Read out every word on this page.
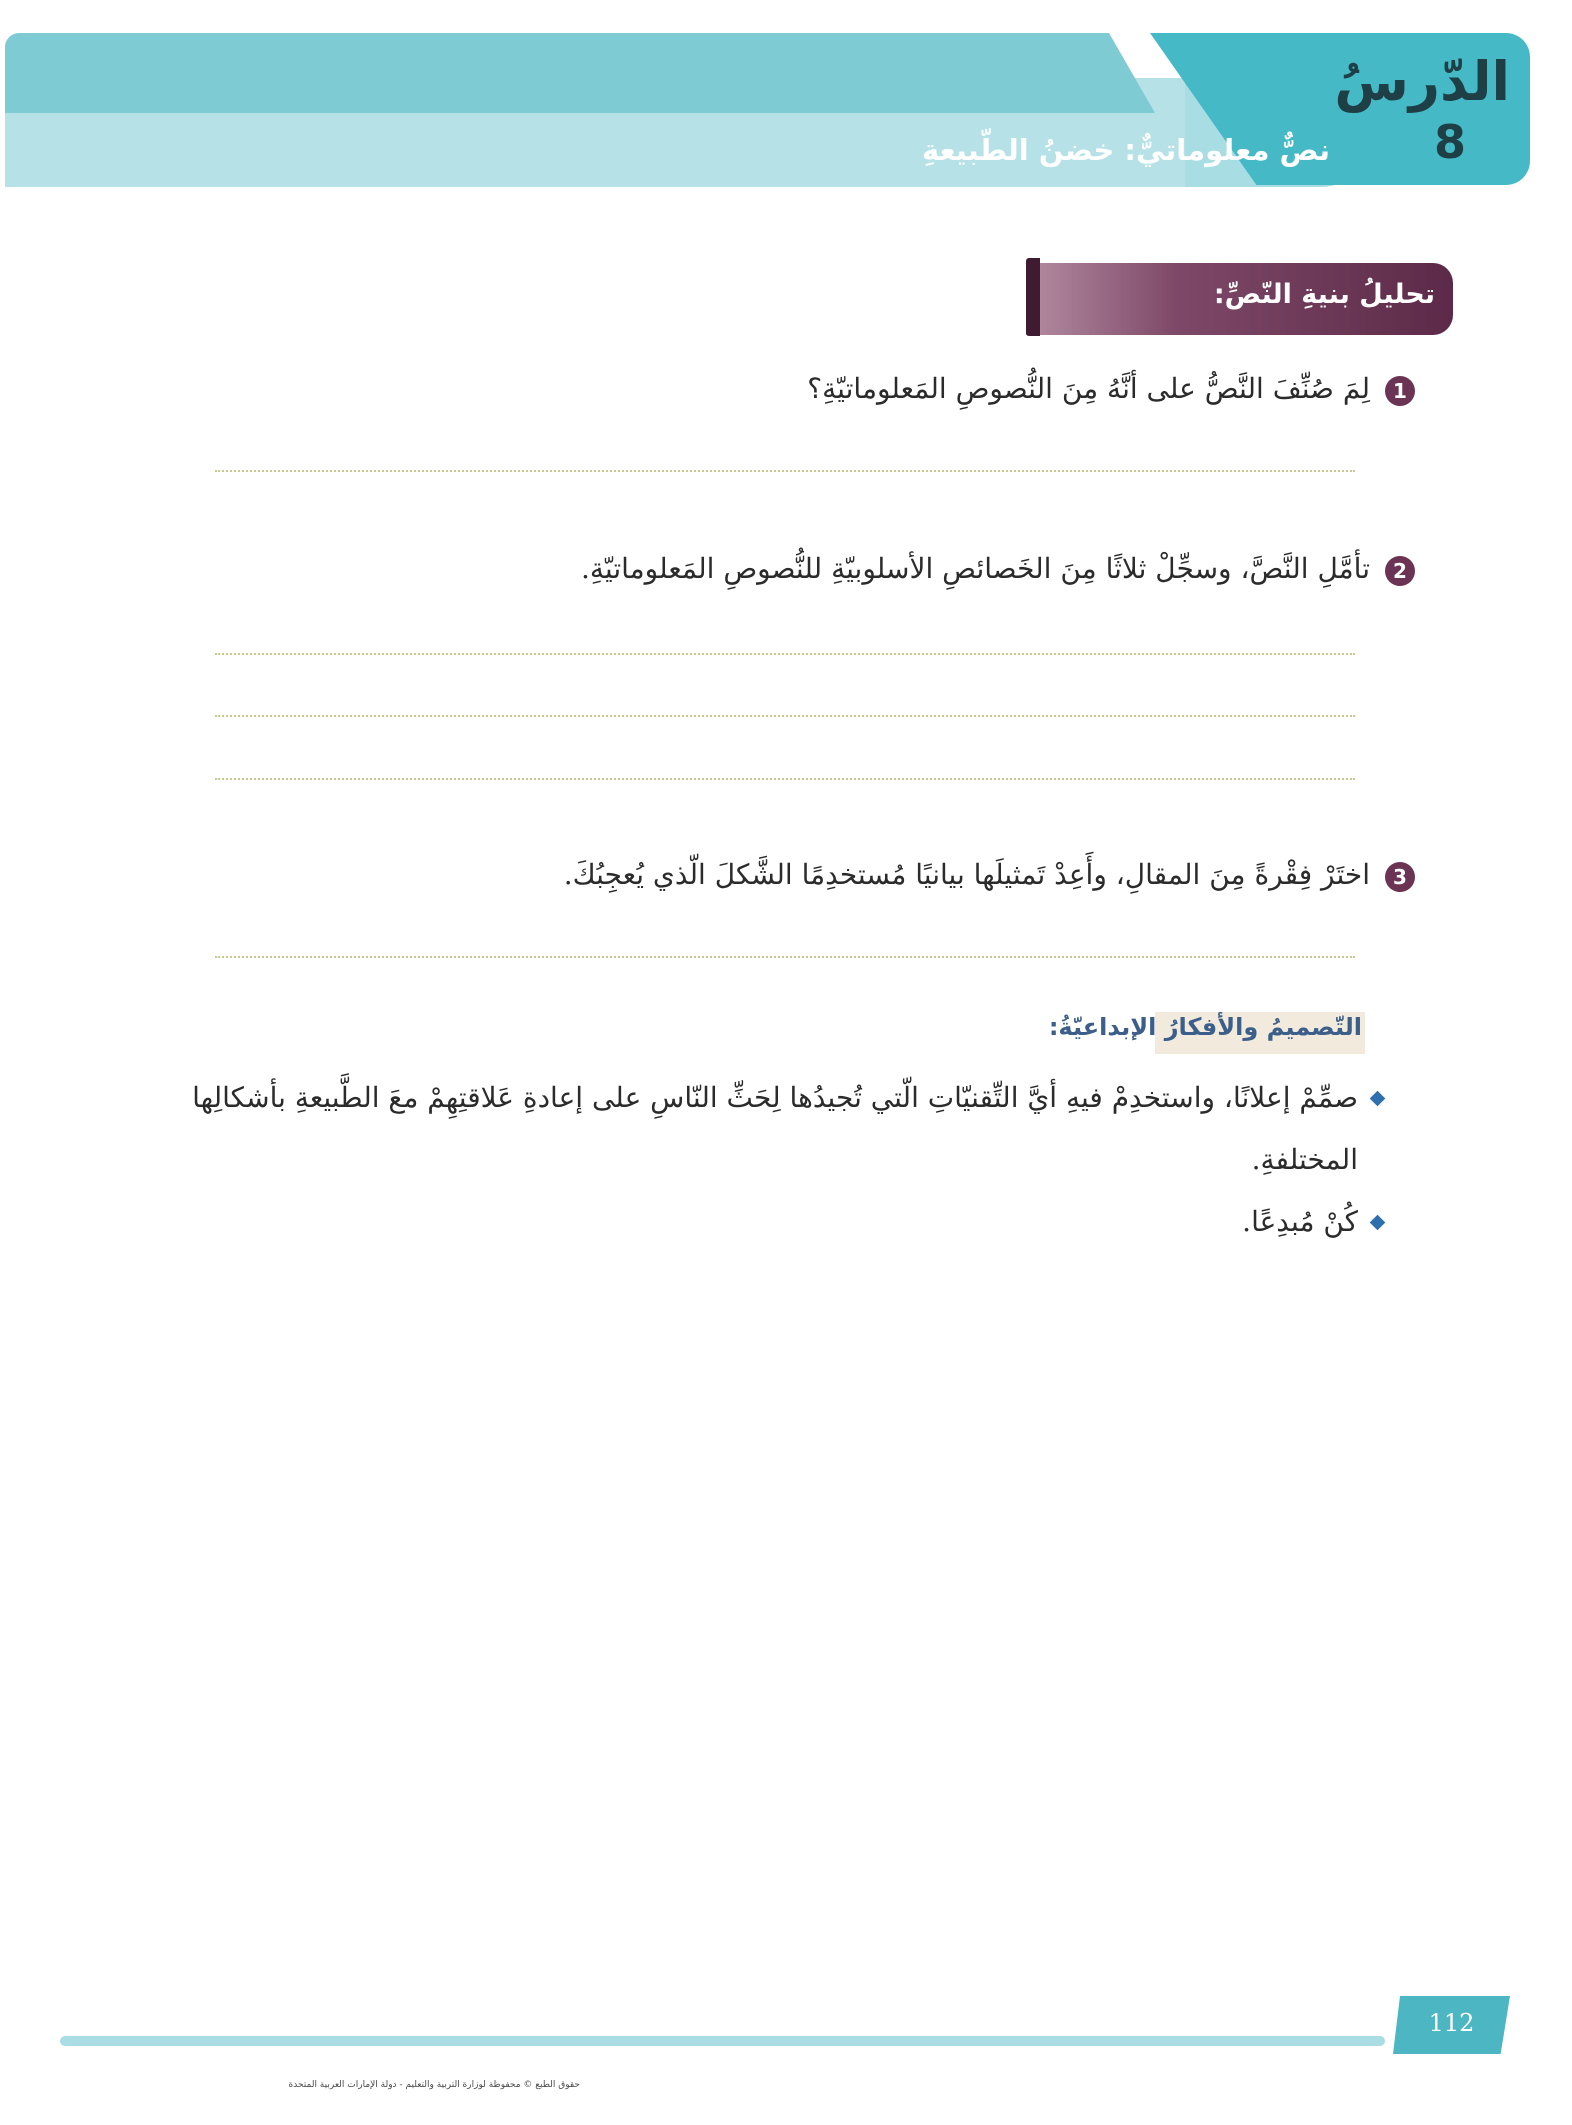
الدّرسُ
8
نصٌّ معلوماتيٌّ: خضنُ الطّبيعةِ
تحليلُ بنيةِ النّصِّ:
1
لِمَ صُنِّفَ النَّصُّ على أنَّهُ مِنَ النُّصوصِ المَعلوماتيّةِ؟
2
تأمَّلِ النَّصَّ، وسجِّلْ ثلاثًا مِنَ الخَصائصِ الأسلوبيّةِ للنُّصوصِ المَعلوماتيّةِ.
3
اختَرْ فِقْرةً مِنَ المقالِ، وأَعِدْ تَمثيلَها بيانيًا مُستخدِمًا الشَّكلَ الّذي يُعجِبُكَ.
التّصميمُ والأفكارُ الإبداعيّةُ:
صمِّمْ إعلانًا، واستخدِمْ فيهِ أيَّ التِّقنيّاتِ الّتي تُجيدُها لِحَثِّ النّاسِ على إعادةِ عَلاقتِهِمْ معَ الطَّبيعةِ بأشكالِها المختلفةِ.
كُنْ مُبدِعًا.
112
حقوق الطبع © محفوظة لوزارة التربية والتعليم - دولة الإمارات العربية المتحدة
